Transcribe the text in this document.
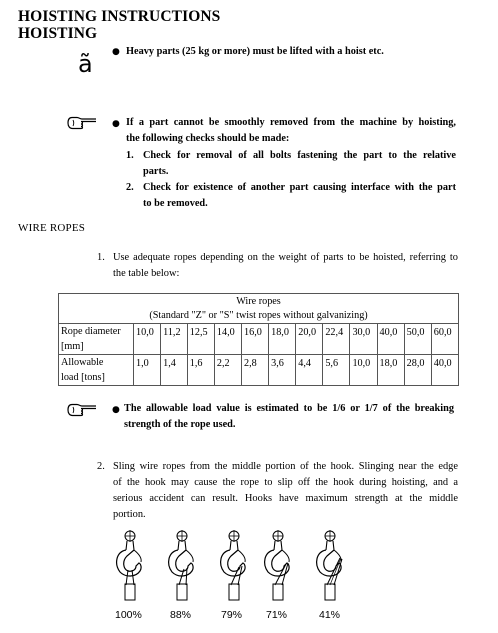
HOISTING INSTRUCTIONS
HOISTING
ã ● Heavy parts (25 kg or more) must be lifted with a hoist etc.
● If a part cannot be smoothly removed from the machine by hoisting,
the following checks should be made:
1. Check for removal of all bolts fastening the part to the relative
parts.
2. Check for existence of another part causing interface with the part
to be removed.
WIRE ROPES
1. Use adequate ropes depending on the weight of parts to be hoisted, referring to
the table below:
Wire ropes
(Standard "Z" or "S" twist ropes without galvanizing)												

Rope diameter
[mm]	10,0	11,2	12,5	14,0	16,0	18,0	20,0	22,4	30,0	40,0	50,0	60,0

Allowable
load [tons]	1,0	1,4	1,6	2,2	2,8	3,6	4,4	5,6	10,0	18,0	28,0	40,0
● The allowable load value is estimated to be 1/6 or 1/7 of the breaking
strength of the rope used.
2. Sling wire ropes from the middle portion of the hook. Slinging near the edge
of the hook may cause the rope to slip off the hook during hoisting, and a
serious accident can result. Hooks have maximum strength at the middle
portion.
100%	88%	79% 71%	41%
